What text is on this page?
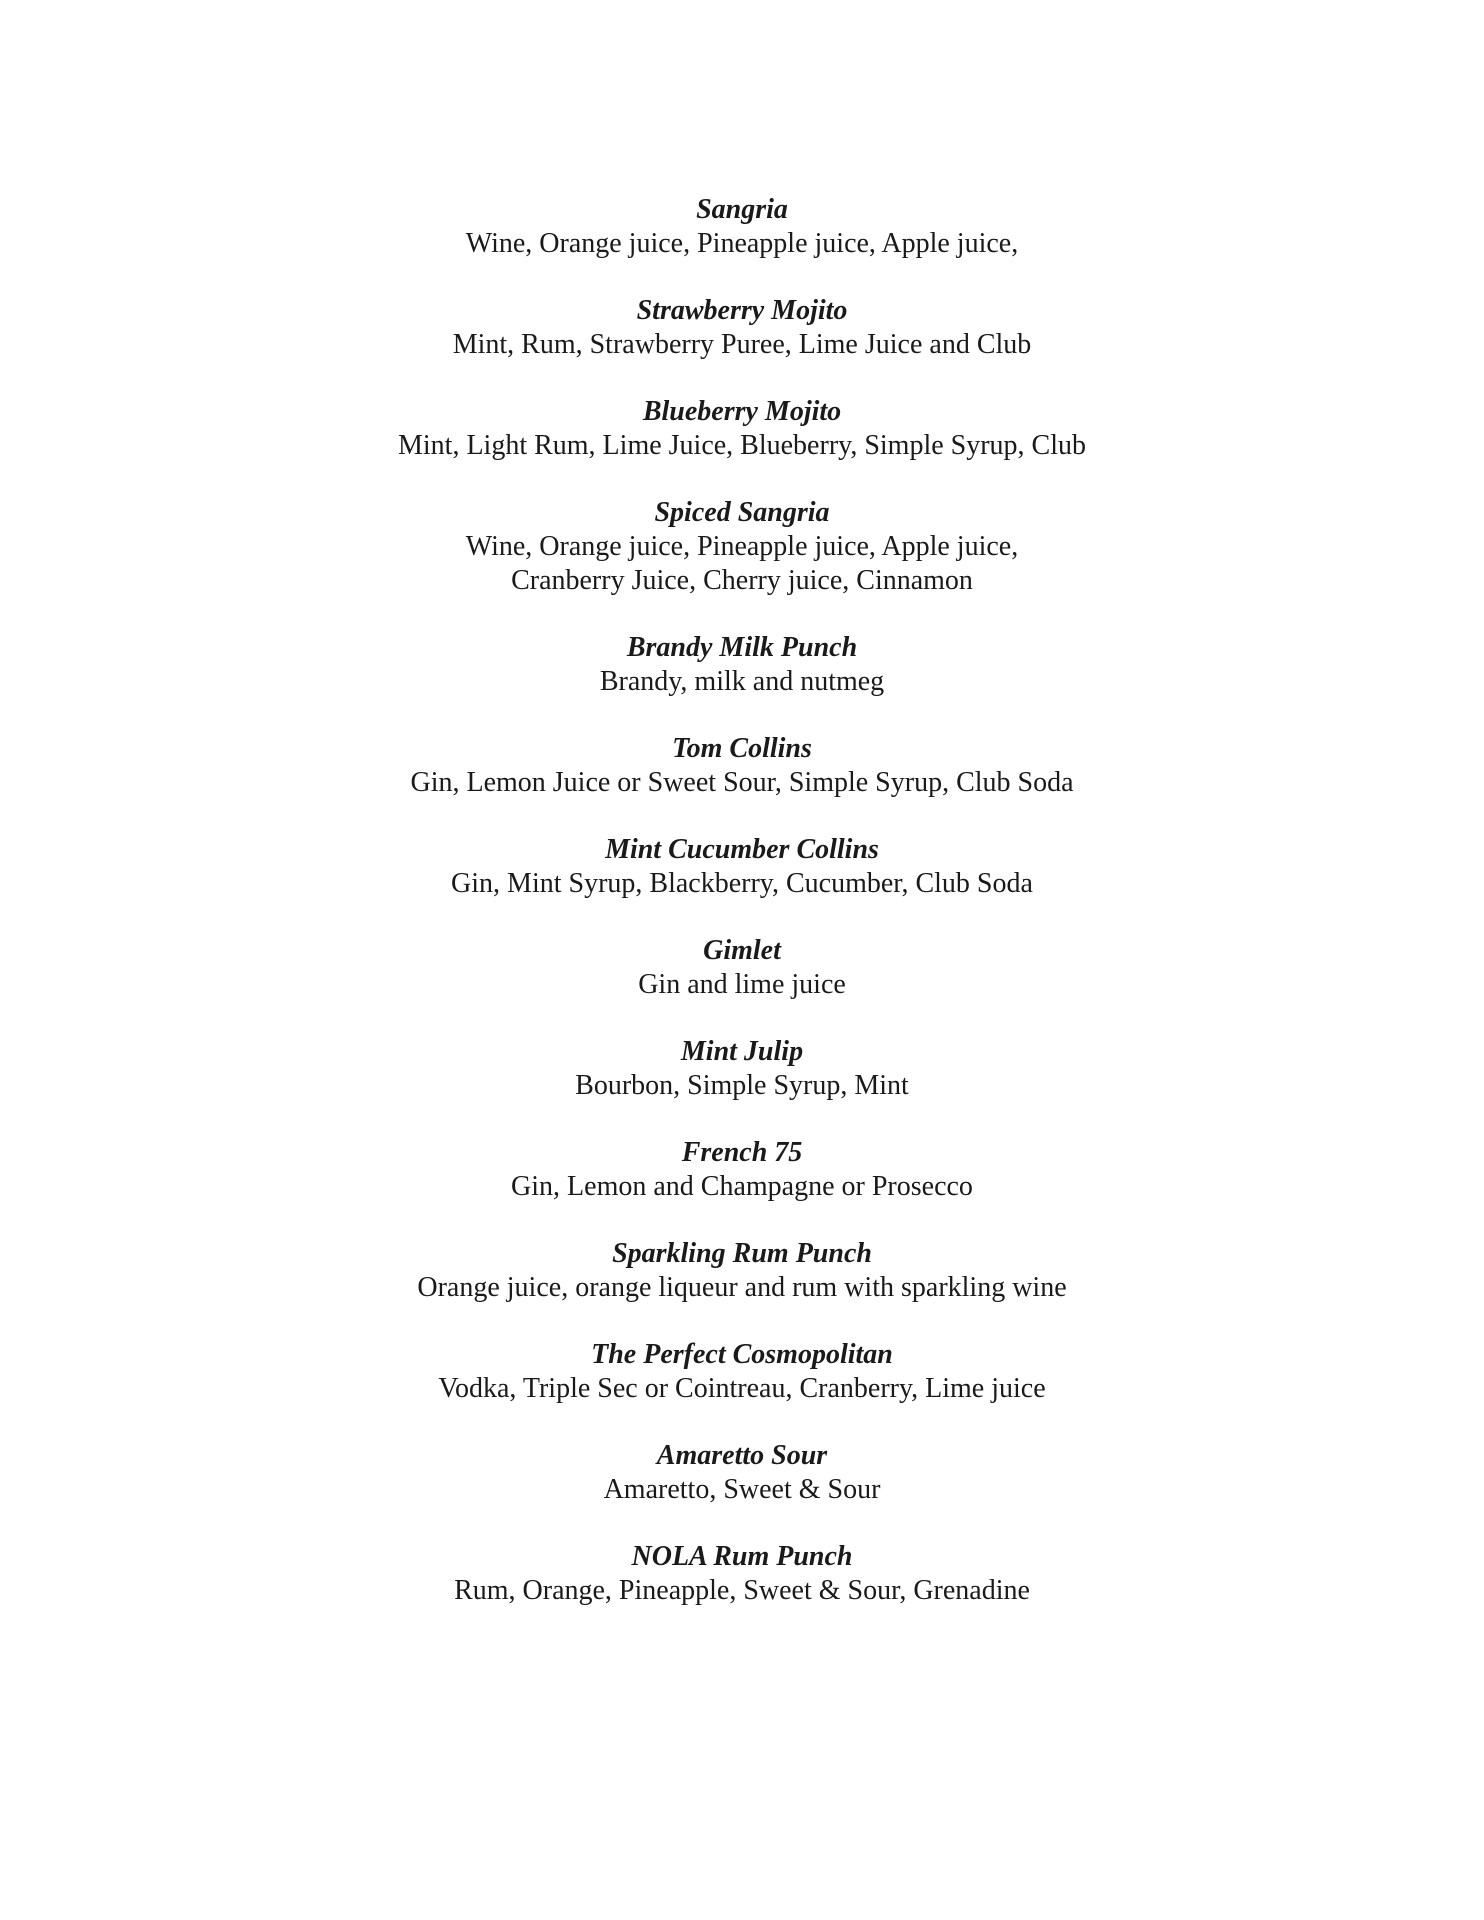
Sangria
Wine, Orange juice, Pineapple juice, Apple juice,
Strawberry Mojito
Mint, Rum, Strawberry Puree, Lime Juice and Club
Blueberry Mojito
Mint, Light Rum, Lime Juice, Blueberry, Simple Syrup, Club
Spiced Sangria
Wine, Orange juice, Pineapple juice, Apple juice,
Cranberry Juice, Cherry juice, Cinnamon
Brandy Milk Punch
Brandy, milk and nutmeg
Tom Collins
Gin, Lemon Juice or Sweet Sour, Simple Syrup, Club Soda
Mint Cucumber Collins
Gin, Mint Syrup, Blackberry, Cucumber, Club Soda
Gimlet
Gin and lime juice
Mint Julip
Bourbon, Simple Syrup, Mint
French 75
Gin, Lemon and Champagne or Prosecco
Sparkling Rum Punch
Orange juice, orange liqueur and rum with sparkling wine
The Perfect Cosmopolitan
Vodka, Triple Sec or Cointreau, Cranberry, Lime juice
Amaretto Sour
Amaretto, Sweet & Sour
NOLA Rum Punch
Rum, Orange, Pineapple, Sweet & Sour, Grenadine
